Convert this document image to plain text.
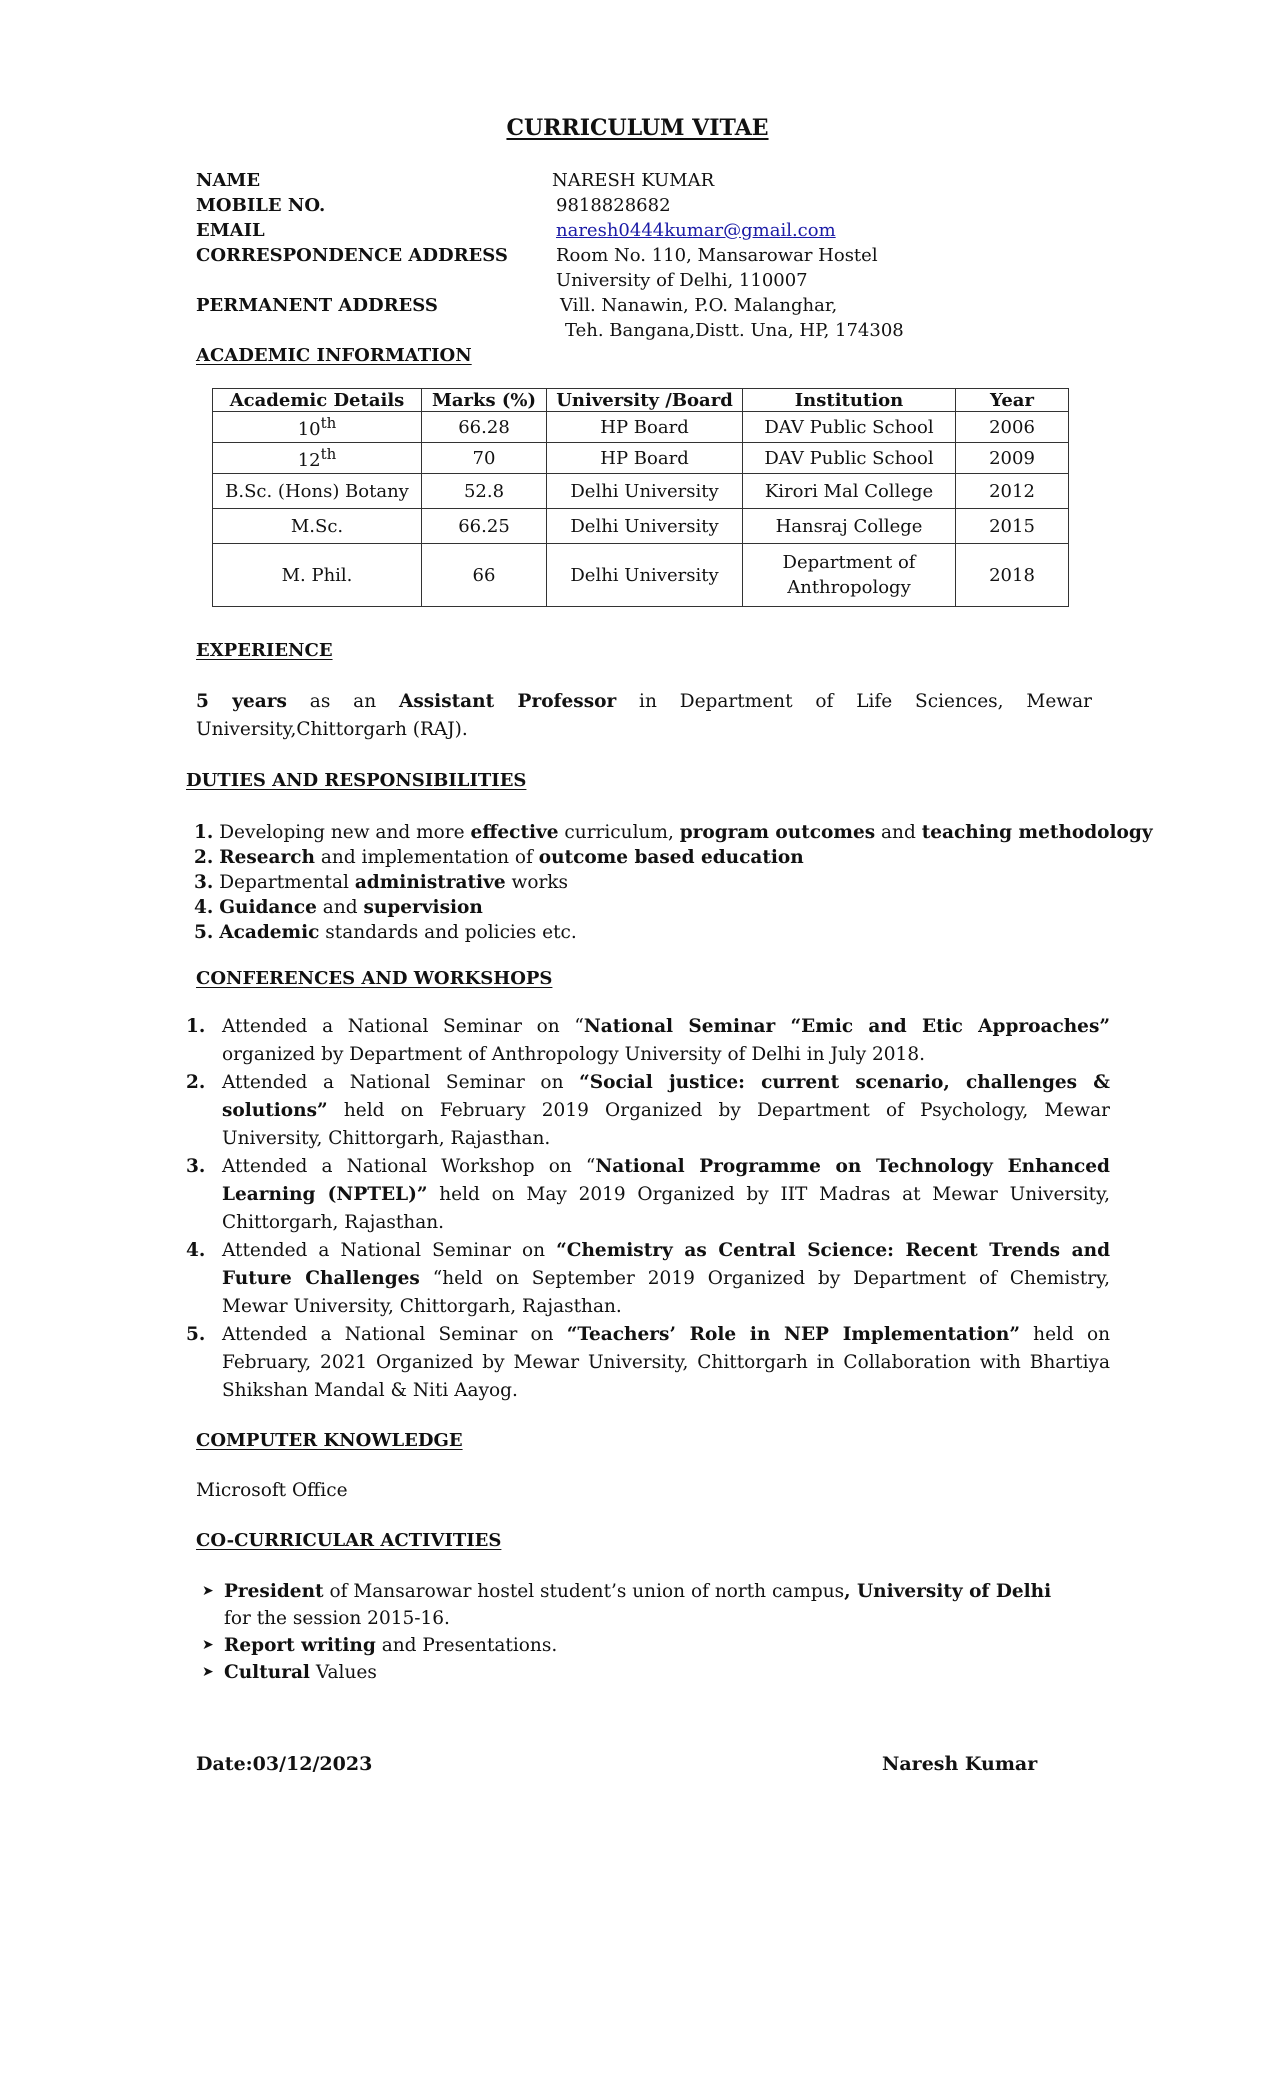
CURRICULUM VITAE
NAME	NARESH KUMAR
MOBILE NO.	9818828682
EMAIL	naresh0444kumar@gmail.com
CORRESPONDENCE ADDRESS	Room No. 110, Mansarowar Hostel
University of Delhi, 110007
PERMANENT ADDRESS	Vill. Nanawin, P.O. Malanghar,
Teh. Bangana,Distt. Una, HP, 174308
ACADEMIC INFORMATION
Academic Details	Marks (%)	University /Board	Institution	Year
10th	66.28	HP Board	DAV Public School	2006
12th	70	HP Board	DAV Public School	2009
B.Sc. (Hons) Botany	52.8	Delhi University	Kirori Mal College	2012
M.Sc.	66.25	Delhi University	Hansraj College	2015
M. Phil.	66	Delhi University	Department of Anthropology	2018
EXPERIENCE
5 years as an Assistant Professor in Department of Life Sciences, Mewar University,Chittorgarh (RAJ).
DUTIES AND RESPONSIBILITIES
1. Developing new and more effective curriculum, program outcomes and teaching methodology
2. Research and implementation of outcome based education
3. Departmental administrative works
4. Guidance and supervision
5. Academic standards and policies etc.
CONFERENCES AND WORKSHOPS
1. Attended a National Seminar on “National Seminar “Emic and Etic Approaches” organized by Department of Anthropology University of Delhi in July 2018.
2. Attended a National Seminar on “Social justice: current scenario, challenges & solutions” held on February 2019 Organized by Department of Psychology, Mewar University, Chittorgarh, Rajasthan.
3. Attended a National Workshop on “National Programme on Technology Enhanced Learning (NPTEL)” held on May 2019 Organized by IIT Madras at Mewar University, Chittorgarh, Rajasthan.
4. Attended a National Seminar on “Chemistry as Central Science: Recent Trends and Future Challenges “held on September 2019 Organized by Department of Chemistry, Mewar University, Chittorgarh, Rajasthan.
5. Attended a National Seminar on “Teachers’ Role in NEP Implementation” held on February, 2021 Organized by Mewar University, Chittorgarh in Collaboration with Bhartiya Shikshan Mandal & Niti Aayog.
COMPUTER KNOWLEDGE
Microsoft Office
CO-CURRICULAR ACTIVITIES
➤ President of Mansarowar hostel student’s union of north campus, University of Delhi for the session 2015-16.
➤ Report writing and Presentations.
➤ Cultural Values
Date:03/12/2023	Naresh Kumar
